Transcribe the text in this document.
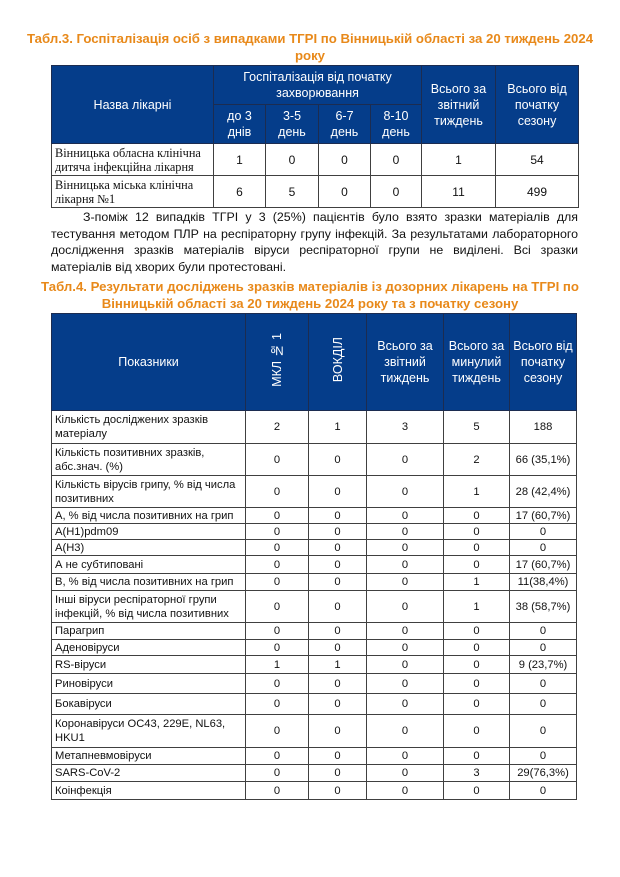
Табл.3. Госпіталізація осіб з випадками ТГРІ по Вінницькій області за 20 тиждень 2024 року
Назва лікарні	Госпіталізація від початку захворювання				Всього за звітний тиждень	Всього від початку сезону
	до 3 днів	3-5 день	6-7 день	8-10 день		
Вінницька обласна клінічна дитяча інфекційна лікарня	1	0	0	0	1	54
Вінницька міська клінічна лікарня №1	6	5	0	0	11	499
З-поміж 12 випадків ТГРІ у 3 (25%) пацієнтів було взято зразки матеріалів для тестування методом ПЛР на респіраторну групу інфекцій. За результатами лабораторного дослідження зразків матеріалів віруси респіраторної групи не виділені. Всі зразки матеріалів від хворих були протестовані.
Табл.4. Результати досліджень зразків матеріалів із дозорних лікарень на ТГРІ по Вінницькій області за 20 тиждень 2024 року та з початку сезону
Показники	МКЛ № 1	ВОКДІЛ	Всього за звітний тиждень	Всього за минулий тиждень	Всього від початку сезону
Кількість досліджених зразків матеріалу	2	1	3	5	188
Кількість позитивних зразків, абс.знач. (%)	0	0	0	2	66 (35,1%)
Кількість вірусів грипу, % від числа позитивних	0	0	0	1	28 (42,4%)
А, % від числа позитивних на грип	0	0	0	0	17 (60,7%)
А(Н1)pdm09	0	0	0	0	0
А(Н3)	0	0	0	0	0
А не субтиповані	0	0	0	0	17 (60,7%)
В, % від числа позитивних на грип	0	0	0	1	11(38,4%)
Інші віруси респіраторної групи інфекцій, % від числа позитивних	0	0	0	1	38 (58,7%)
Парагрип	0	0	0	0	0
Аденовіруси	0	0	0	0	0
RS-віруси	1	1	0	0	9 (23,7%)
Риновіруси	0	0	0	0	0
Бокавіруси	0	0	0	0	0
Коронавіруси ОС43, 229E, NL63, HKU1	0	0	0	0	0
Метапневмовіруси	0	0	0	0	0
SARS-CoV-2	0	0	0	3	29(76,3%)
Коінфекція	0	0	0	0	0
